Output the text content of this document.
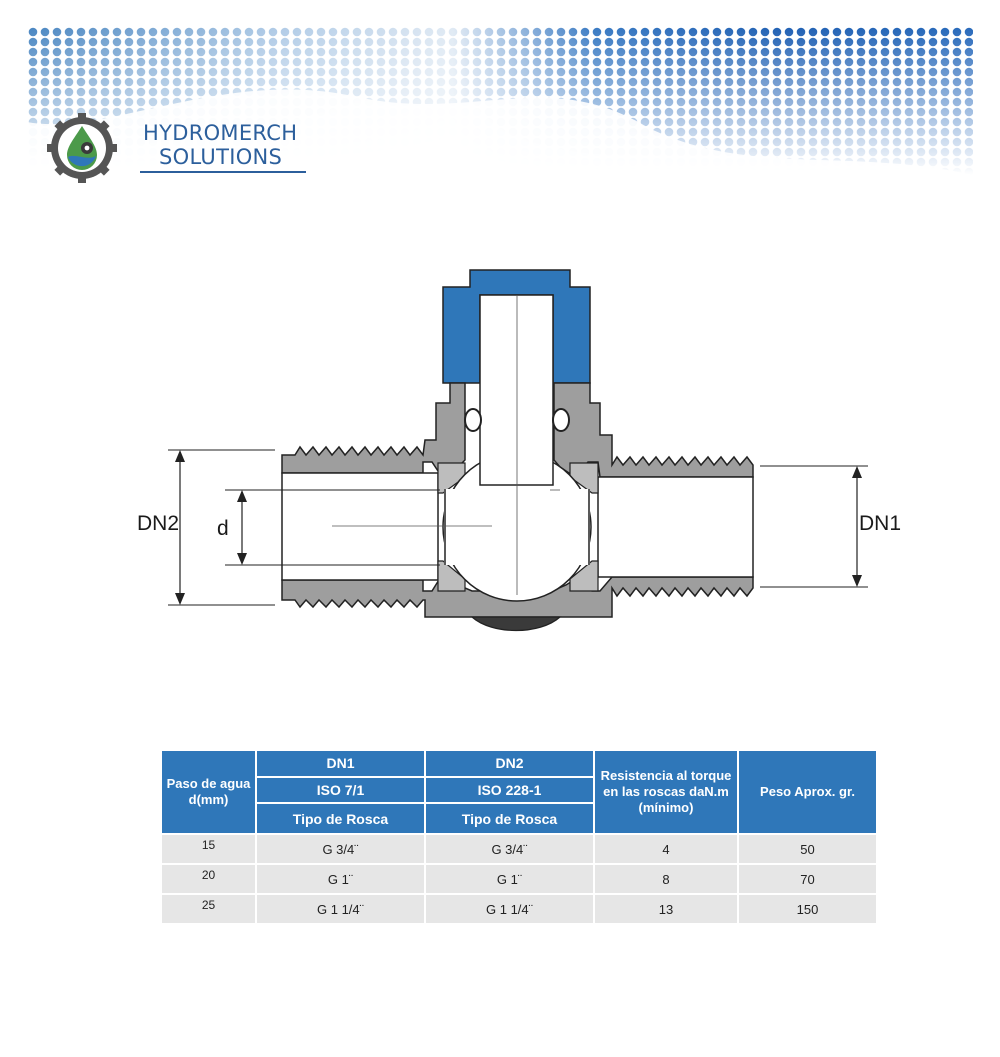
HYDROMERCH
SOLUTIONS
DN2 d	DN1
Paso de agua d(mm)	DN1	DN2	Resistencia al torque en las roscas daN.m (mínimo)	Peso Aprox. gr.
	ISO 7/1	ISO 228-1		
	Tipo de Rosca	Tipo de Rosca		
15	G 3/4¨	G 3/4¨	4	50
20	G 1¨	G 1¨	8	70
25	G 1 1/4¨	G 1 1/4¨	13	150
